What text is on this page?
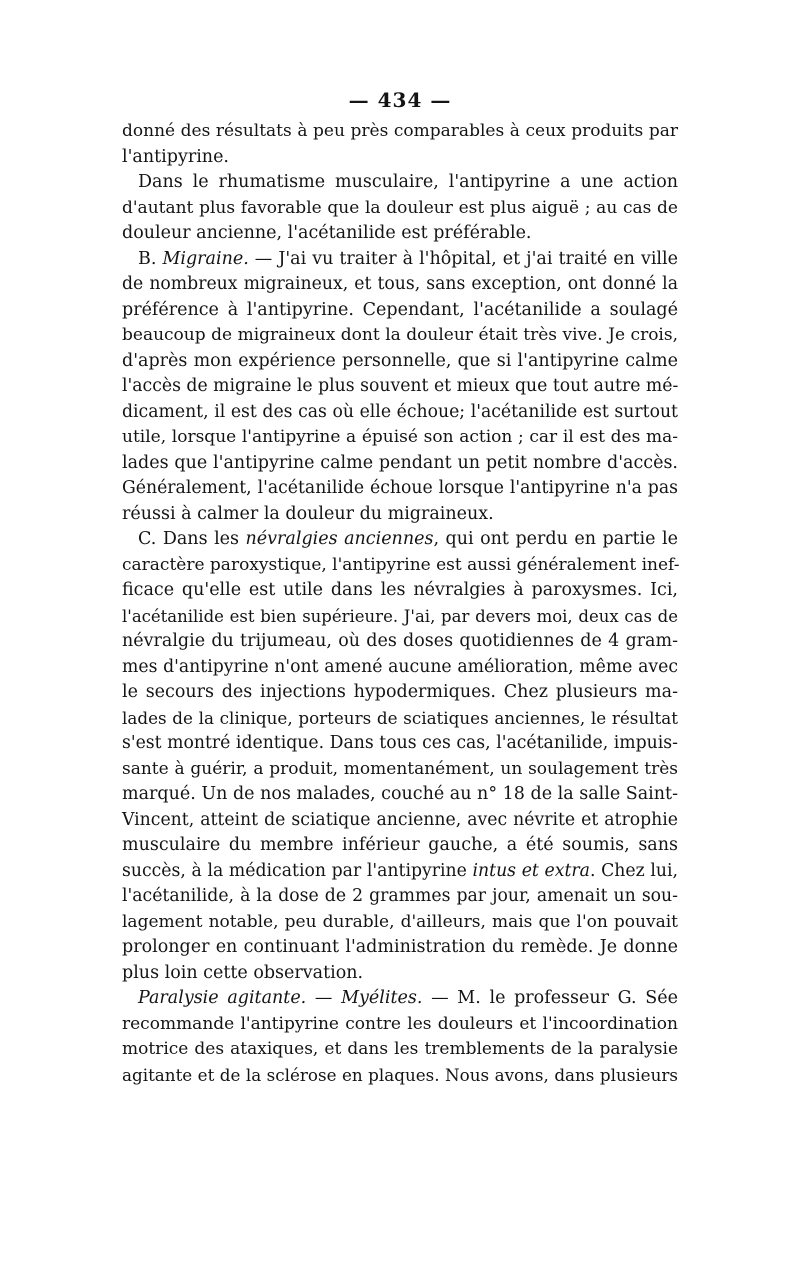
— 434 —
donné des résultats à peu près comparables à ceux produits par
l'antipyrine.
Dans le rhumatisme musculaire, l'antipyrine a une action
d'autant plus favorable que la douleur est plus aiguë ; au cas de
douleur ancienne, l'acétanilide est préférable.
B. Migraine. — J'ai vu traiter à l'hôpital, et j'ai traité en ville
de nombreux migraineux, et tous, sans exception, ont donné la
préférence à l'antipyrine. Cependant, l'acétanilide a soulagé
beaucoup de migraineux dont la douleur était très vive. Je crois,
d'après mon expérience personnelle, que si l'antipyrine calme
l'accès de migraine le plus souvent et mieux que tout autre mé-
dicament, il est des cas où elle échoue; l'acétanilide est surtout
utile, lorsque l'antipyrine a épuisé son action ; car il est des ma-
lades que l'antipyrine calme pendant un petit nombre d'accès.
Généralement, l'acétanilide échoue lorsque l'antipyrine n'a pas
réussi à calmer la douleur du migraineux.
C. Dans les névralgies anciennes, qui ont perdu en partie le
caractère paroxystique, l'antipyrine est aussi généralement inef-
ficace qu'elle est utile dans les névralgies à paroxysmes. Ici,
l'acétanilide est bien supérieure. J'ai, par devers moi, deux cas de
névralgie du trijumeau, où des doses quotidiennes de 4 gram-
mes d'antipyrine n'ont amené aucune amélioration, même avec
le secours des injections hypodermiques. Chez plusieurs ma-
lades de la clinique, porteurs de sciatiques anciennes, le résultat
s'est montré identique. Dans tous ces cas, l'acétanilide, impuis-
sante à guérir, a produit, momentanément, un soulagement très
marqué. Un de nos malades, couché au n° 18 de la salle Saint-
Vincent, atteint de sciatique ancienne, avec névrite et atrophie
musculaire du membre inférieur gauche, a été soumis, sans
succès, à la médication par l'antipyrine intus et extra. Chez lui,
l'acétanilide, à la dose de 2 grammes par jour, amenait un sou-
lagement notable, peu durable, d'ailleurs, mais que l'on pouvait
prolonger en continuant l'administration du remède. Je donne
plus loin cette observation.
Paralysie agitante. — Myélites. — M. le professeur G. Sée
recommande l'antipyrine contre les douleurs et l'incoordination
motrice des ataxiques, et dans les tremblements de la paralysie
agitante et de la sclérose en plaques. Nous avons, dans plusieurs
